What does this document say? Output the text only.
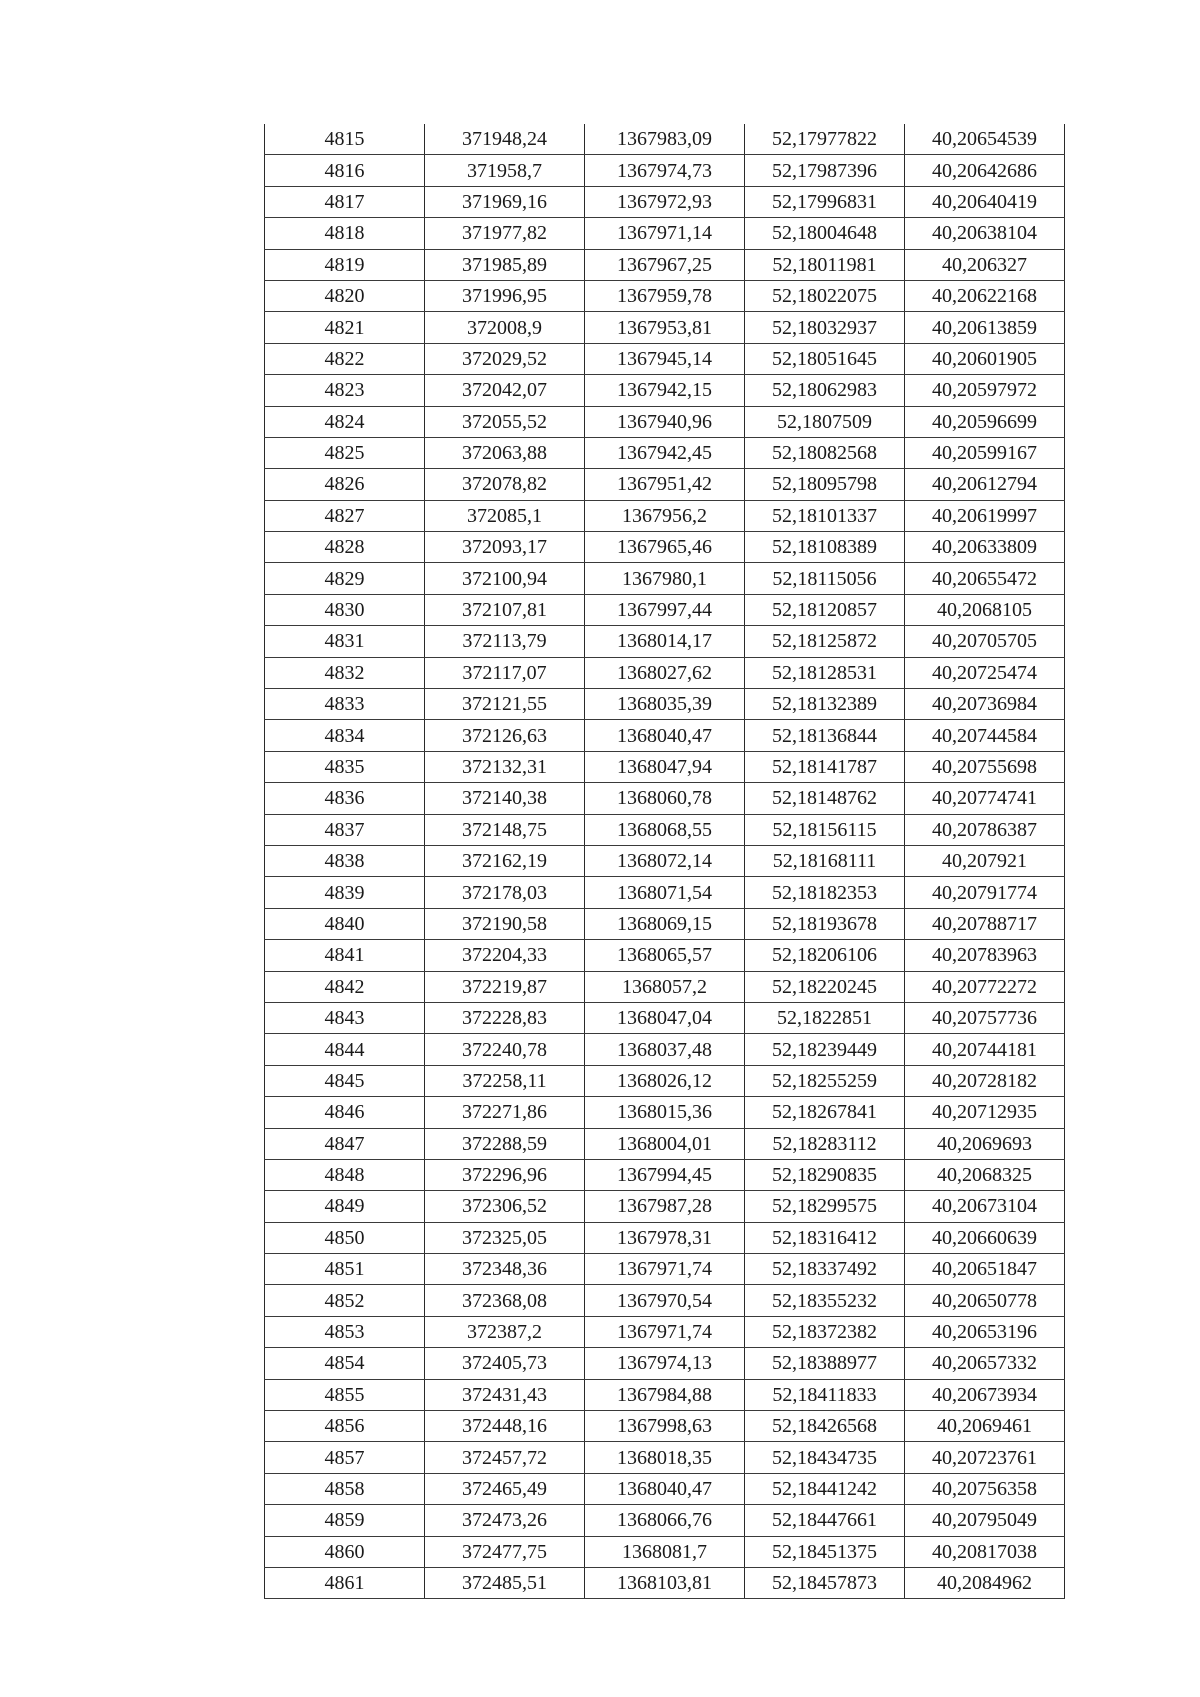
4815	371948,24	1367983,09	52,17977822	40,20654539
4816	371958,7	1367974,73	52,17987396	40,20642686
4817	371969,16	1367972,93	52,17996831	40,20640419
4818	371977,82	1367971,14	52,18004648	40,20638104
4819	371985,89	1367967,25	52,18011981	40,206327
4820	371996,95	1367959,78	52,18022075	40,20622168
4821	372008,9	1367953,81	52,18032937	40,20613859
4822	372029,52	1367945,14	52,18051645	40,20601905
4823	372042,07	1367942,15	52,18062983	40,20597972
4824	372055,52	1367940,96	52,1807509	40,20596699
4825	372063,88	1367942,45	52,18082568	40,20599167
4826	372078,82	1367951,42	52,18095798	40,20612794
4827	372085,1	1367956,2	52,18101337	40,20619997
4828	372093,17	1367965,46	52,18108389	40,20633809
4829	372100,94	1367980,1	52,18115056	40,20655472
4830	372107,81	1367997,44	52,18120857	40,2068105
4831	372113,79	1368014,17	52,18125872	40,20705705
4832	372117,07	1368027,62	52,18128531	40,20725474
4833	372121,55	1368035,39	52,18132389	40,20736984
4834	372126,63	1368040,47	52,18136844	40,20744584
4835	372132,31	1368047,94	52,18141787	40,20755698
4836	372140,38	1368060,78	52,18148762	40,20774741
4837	372148,75	1368068,55	52,18156115	40,20786387
4838	372162,19	1368072,14	52,18168111	40,207921
4839	372178,03	1368071,54	52,18182353	40,20791774
4840	372190,58	1368069,15	52,18193678	40,20788717
4841	372204,33	1368065,57	52,18206106	40,20783963
4842	372219,87	1368057,2	52,18220245	40,20772272
4843	372228,83	1368047,04	52,1822851	40,20757736
4844	372240,78	1368037,48	52,18239449	40,20744181
4845	372258,11	1368026,12	52,18255259	40,20728182
4846	372271,86	1368015,36	52,18267841	40,20712935
4847	372288,59	1368004,01	52,18283112	40,2069693
4848	372296,96	1367994,45	52,18290835	40,2068325
4849	372306,52	1367987,28	52,18299575	40,20673104
4850	372325,05	1367978,31	52,18316412	40,20660639
4851	372348,36	1367971,74	52,18337492	40,20651847
4852	372368,08	1367970,54	52,18355232	40,20650778
4853	372387,2	1367971,74	52,18372382	40,20653196
4854	372405,73	1367974,13	52,18388977	40,20657332
4855	372431,43	1367984,88	52,18411833	40,20673934
4856	372448,16	1367998,63	52,18426568	40,2069461
4857	372457,72	1368018,35	52,18434735	40,20723761
4858	372465,49	1368040,47	52,18441242	40,20756358
4859	372473,26	1368066,76	52,18447661	40,20795049
4860	372477,75	1368081,7	52,18451375	40,20817038
4861	372485,51	1368103,81	52,18457873	40,2084962
